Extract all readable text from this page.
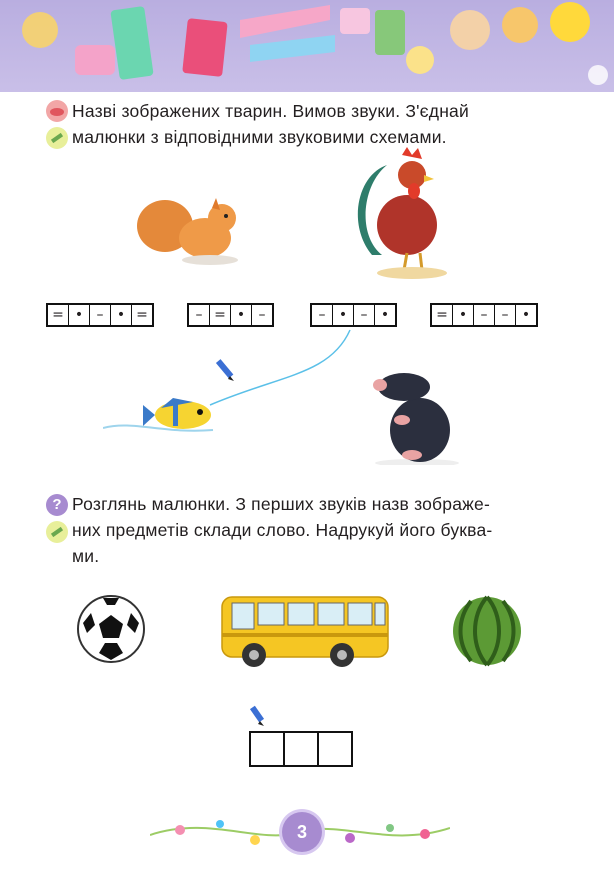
Назві зображених тварин. Вимов звуки. З'єднай
малюнки з відповідними звуковими схемами.
= • – • =	– = • –	– • – •	= • –	– •
? Розглянь малюнки. З перших звуків назв зображе-
них предметів склади слово. Надрукуй його буква-
ми.
3
